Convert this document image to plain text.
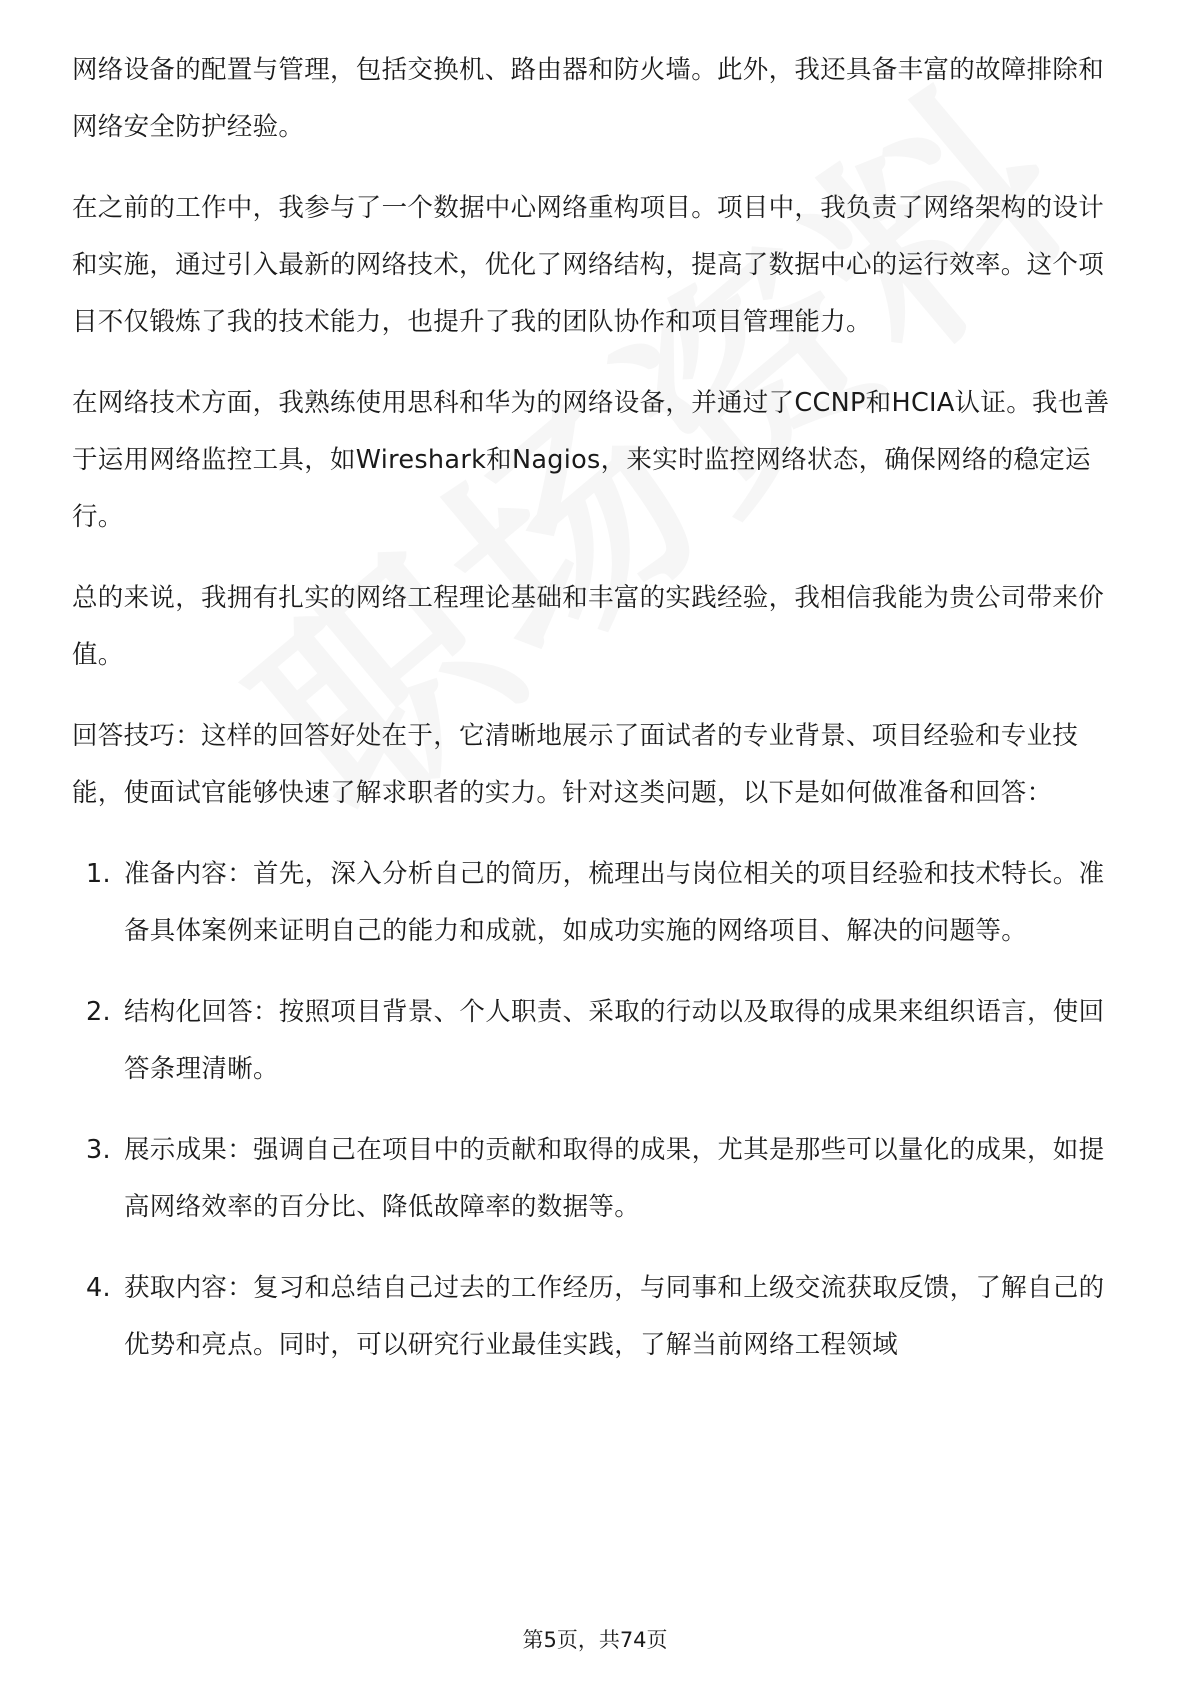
网络设备的配置与管理，包括交换机、路由器和防火墙。此外，我还具备丰富的故障排除和网络安全防护经验。

在之前的工作中，我参与了一个数据中心网络重构项目。项目中，我负责了网络架构的设计和实施，通过引入最新的网络技术，优化了网络结构，提高了数据中心的运行效率。这个项目不仅锻炼了我的技术能力，也提升了我的团队协作和项目管理能力。

在网络技术方面，我熟练使用思科和华为的网络设备，并通过了CCNP和HCIA认证。我也善于运用网络监控工具，如Wireshark和Nagios，来实时监控网络状态，确保网络的稳定运行。

总的来说，我拥有扎实的网络工程理论基础和丰富的实践经验，我相信我能为贵公司带来价值。

回答技巧：这样的回答好处在于，它清晰地展示了面试者的专业背景、项目经验和专业技能，使面试官能够快速了解求职者的实力。针对这类问题，以下是如何做准备和回答：

1. 准备内容：首先，深入分析自己的简历，梳理出与岗位相关的项目经验和技术特长。准备具体案例来证明自己的能力和成就，如成功实施的网络项目、解决的问题等。
2. 结构化回答：按照项目背景、个人职责、采取的行动以及取得的成果来组织语言，使回答条理清晰。
3. 展示成果：强调自己在项目中的贡献和取得的成果，尤其是那些可以量化的成果，如提高网络效率的百分比、降低故障率的数据等。
4. 获取内容：复习和总结自己过去的工作经历，与同事和上级交流获取反馈，了解自己的优势和亮点。同时，可以研究行业最佳实践，了解当前网络工程领域
第5页，共74页
